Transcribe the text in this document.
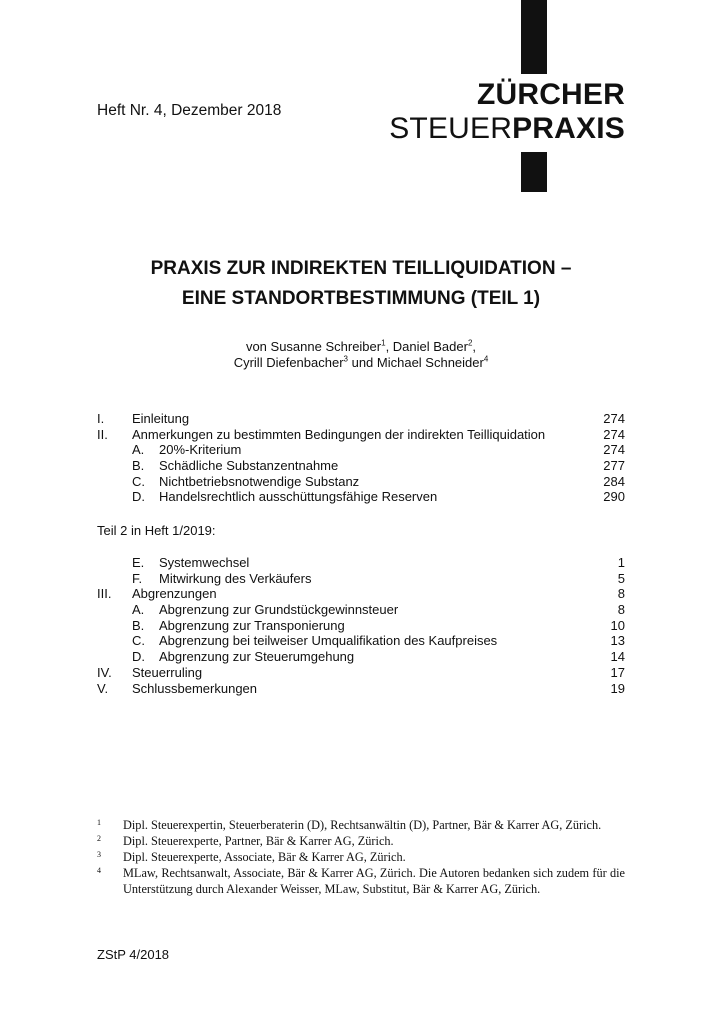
Heft Nr. 4, Dezember 2018	ZÜRCHER
STEUERPRAXIS
PRAXIS ZUR INDIREKTEN TEILLIQUIDATION –
EINE STANDORTBESTIMMUNG (TEIL 1)
von Susanne Schreiber$^1$, Daniel Bader$^2$,
Cyrill Diefenbacher$^3$ und Michael Schneider$^4$
I. Einleitung	274
II. Anmerkungen zu bestimmten Bedingungen der indirekten Teilliquidation	274
A. 20%-Kriterium	274
B. Schädliche Substanzentnahme	277
C. Nichtbetriebsnotwendige Substanz	284
D. Handelsrechtlich ausschüttungsfähige Reserven	290
Teil 2 in Heft 1/2019:
E. Systemwechsel	1
F. Mitwirkung des Verkäufers	5
III. Abgrenzungen	8
A. Abgrenzung zur Grundstückgewinnsteuer	8
B. Abgrenzung zur Transponierung	10
C. Abgrenzung bei teilweiser Umqualifikation des Kaufpreises	13
D. Abgrenzung zur Steuerumgehung	14
IV. Steuerruling	17
V. Schlussbemerkungen	19
1 Dipl. Steuerexpertin, Steuerberaterin (D), Rechtsanwältin (D), Partner, Bär & Karrer AG, Zürich.
2 Dipl. Steuerexperte, Partner, Bär & Karrer AG, Zürich.
3 Dipl. Steuerexperte, Associate, Bär & Karrer AG, Zürich.
4 MLaw, Rechtsanwalt, Associate, Bär & Karrer AG, Zürich. Die Autoren bedanken sich zudem für die Unterstützung durch Alexander Weisser, MLaw, Substitut, Bär & Karrer AG, Zürich.
ZStP 4/2018
